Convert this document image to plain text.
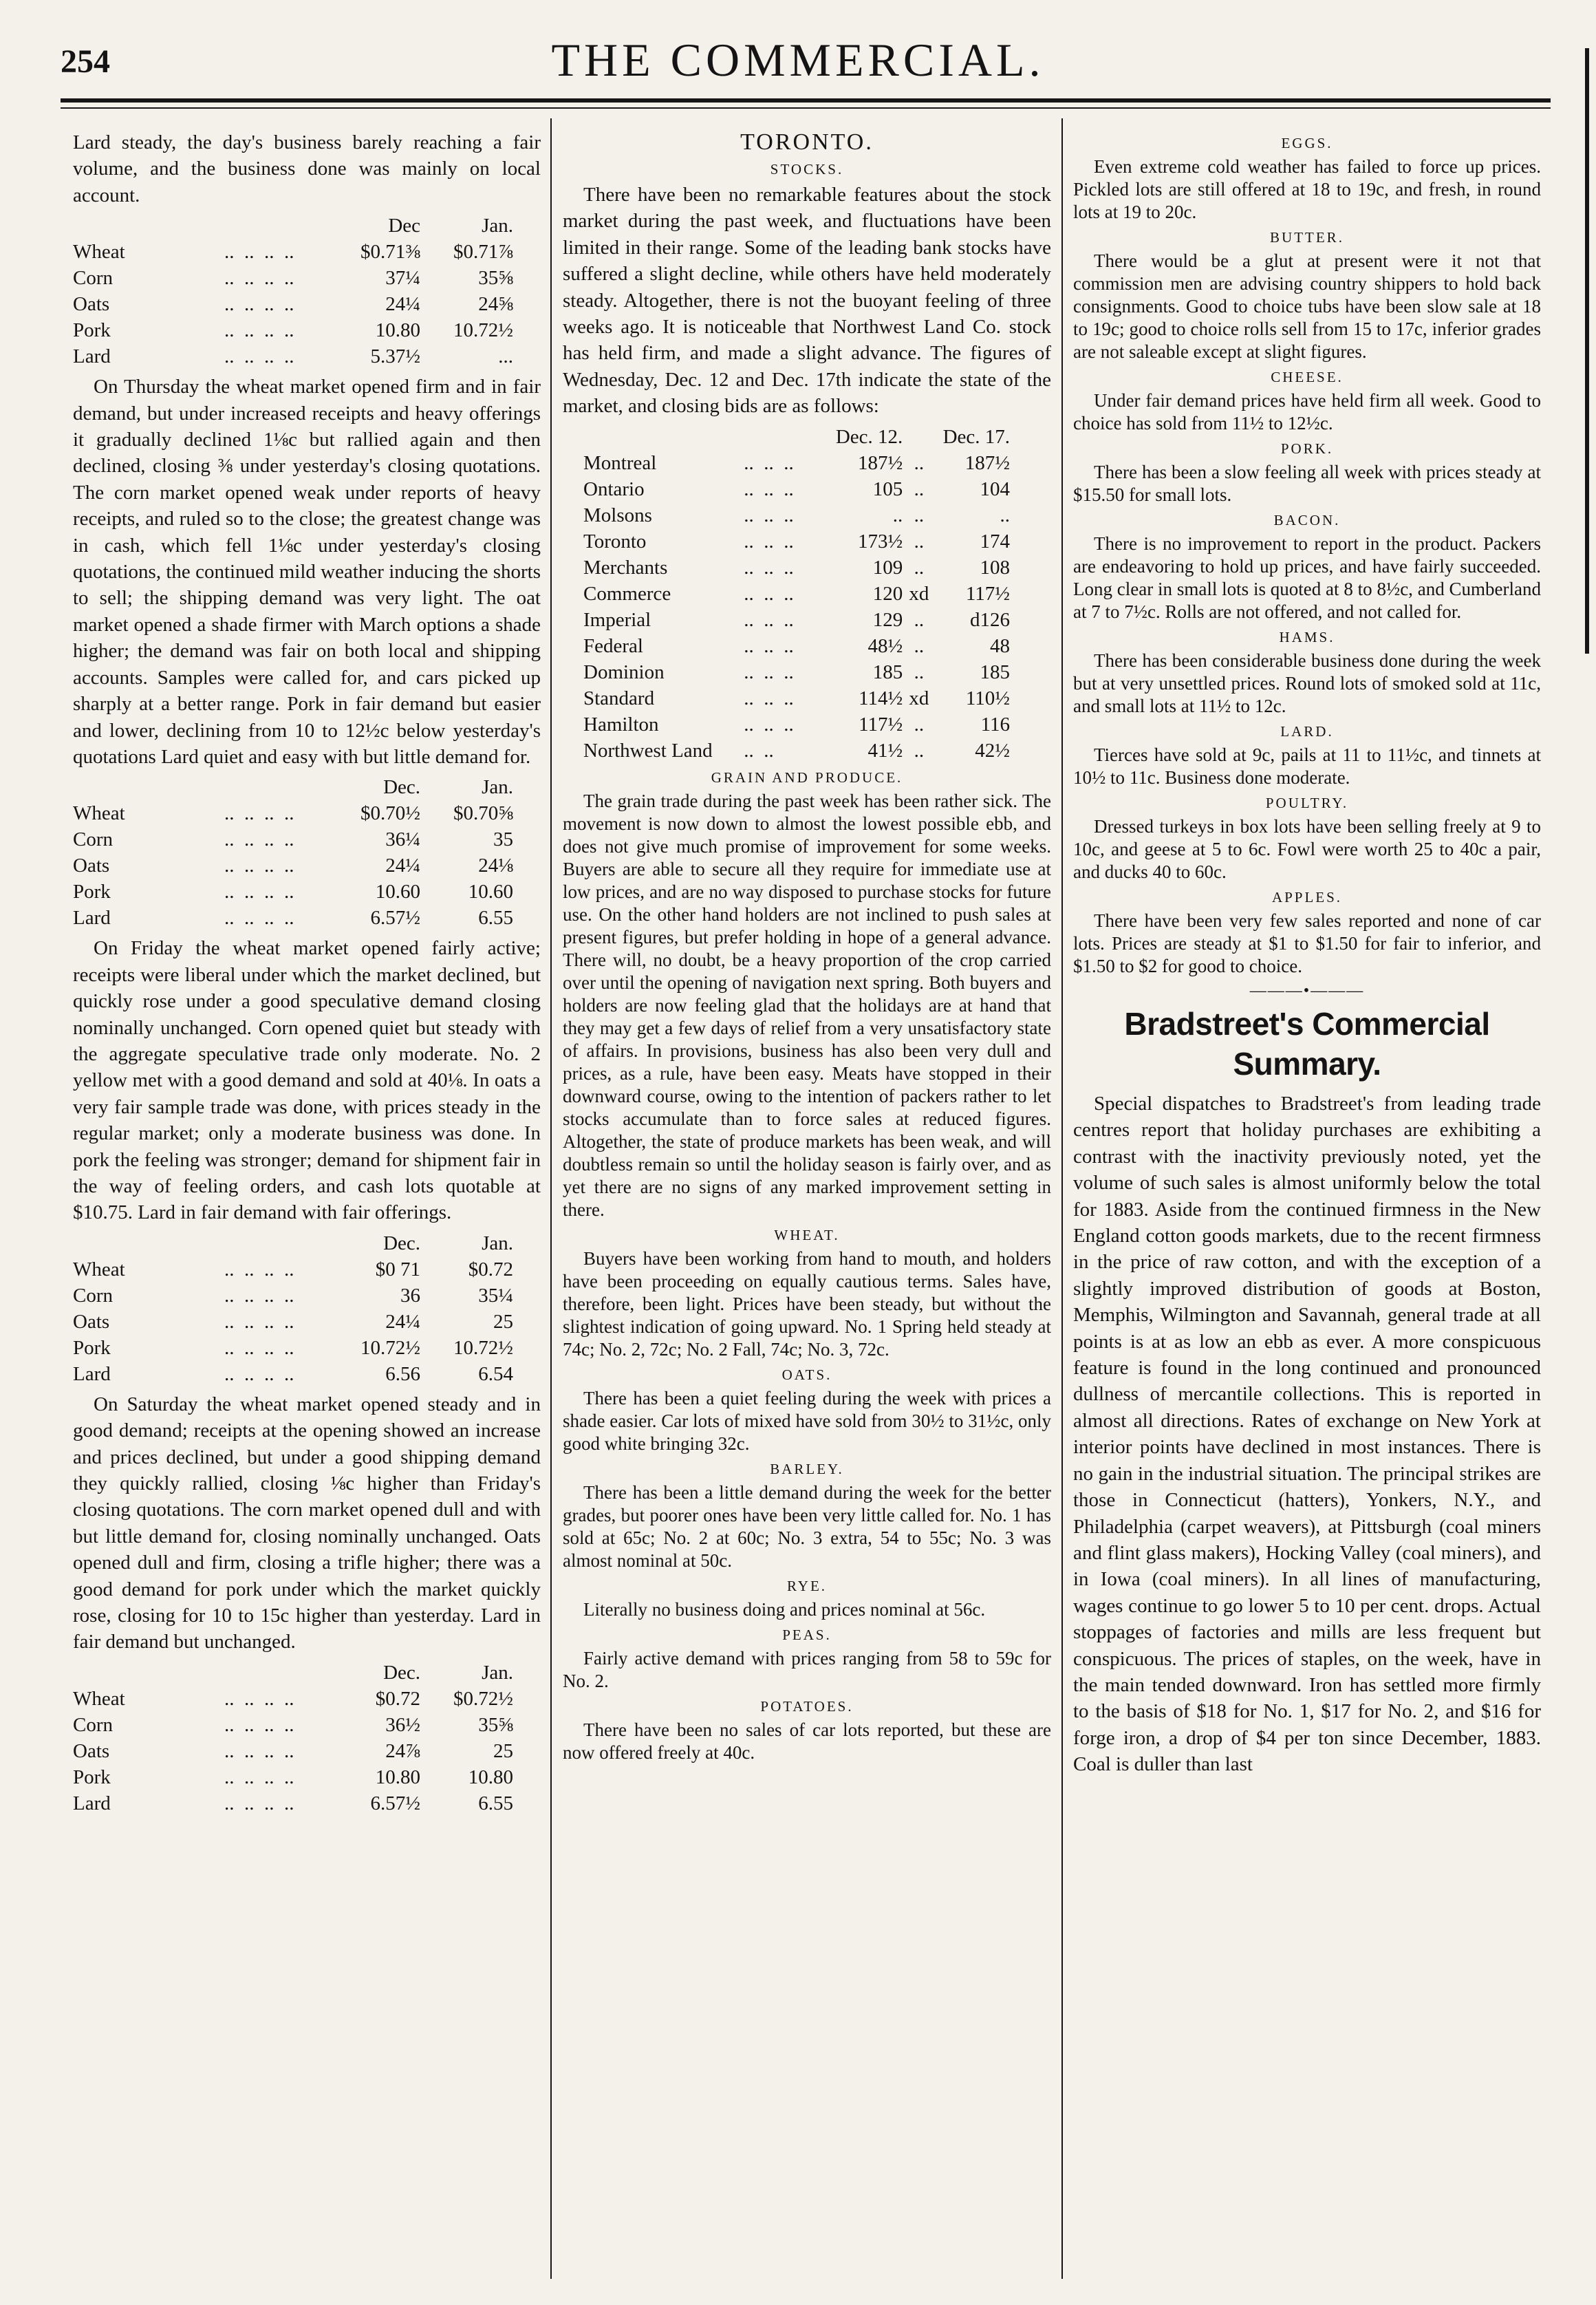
254	THE COMMERCIAL.

Lard steady, the day's business barely reaching a fair volume, and the business done was mainly on local account.

		Dec	Jan.
Wheat	..  ..  ..  ..	$0.71⅜	$0.71⅞
Corn	..  ..  ..  ..	37¼	35⅝
Oats	..  ..  ..  ..	24¼	24⅝
Pork	..  ..  ..  ..	10.80	10.72½
Lard	..  ..  ..  ..	5.37½	...

On Thursday the wheat market opened firm and in fair demand, but under increased receipts and heavy offerings it gradually declined 1⅛c but rallied again and then declined, closing ⅜ under yesterday's closing quotations. The corn market opened weak under reports of heavy receipts, and ruled so to the close; the greatest change was in cash, which fell 1⅛c under yesterday's closing quotations, the continued mild weather inducing the shorts to sell; the shipping demand was very light. The oat market opened a shade firmer with March options a shade higher; the demand was fair on both local and shipping accounts. Samples were called for, and cars picked up sharply at a better range. Pork in fair demand but easier and lower, declining from 10 to 12½c below yesterday's quotations Lard quiet and easy with but little demand for.

		Dec.	Jan.
Wheat	..  ..  ..  ..	$0.70½	$0.70⅝
Corn	..  ..  ..  ..	36¼	35
Oats	..  ..  ..  ..	24¼	24⅛
Pork	..  ..  ..  ..	10.60	10.60
Lard	..  ..  ..  ..	6.57½	6.55

On Friday the wheat market opened fairly active; receipts were liberal under which the market declined, but quickly rose under a good speculative demand closing nominally unchanged. Corn opened quiet but steady with the aggregate speculative trade only moderate. No. 2 yellow met with a good demand and sold at 40⅛. In oats a very fair sample trade was done, with prices steady in the regular market; only a moderate business was done. In pork the feeling was stronger; demand for shipment fair in the way of feeling orders, and cash lots quotable at $10.75. Lard in fair demand with fair offerings.

		Dec.	Jan.
Wheat	..  ..  ..  ..	$0 71	$0.72
Corn	..  ..  ..  ..	36	35¼
Oats	..  ..  ..  ..	24¼	25
Pork	..  ..  ..  ..	10.72½	10.72½
Lard	..  ..  ..  ..	6.56	6.54

On Saturday the wheat market opened steady and in good demand; receipts at the opening showed an increase and prices declined, but under a good shipping demand they quickly rallied, closing ⅛c higher than Friday's closing quotations. The corn market opened dull and with but little demand for, closing nominally unchanged. Oats opened dull and firm, closing a trifle higher; there was a good demand for pork under which the market quickly rose, closing for 10 to 15c higher than yesterday. Lard in fair demand but unchanged.

		Dec.	Jan.
Wheat	..  ..  ..  ..	$0.72	$0.72½
Corn	..  ..  ..  ..	36½	35⅝
Oats	..  ..  ..  ..	24⅞	25
Pork	..  ..  ..  ..	10.80	10.80
Lard	..  ..  ..  ..	6.57½	6.55
TORONTO.
STOCKS.

There have been no remarkable features about the stock market during the past week, and fluctuations have been limited in their range. Some of the leading bank stocks have suffered a slight decline, while others have held moderately steady. Altogether, there is not the buoyant feeling of three weeks ago. It is noticeable that Northwest Land Co. stock has held firm, and made a slight advance. The figures of Wednesday, Dec. 12 and Dec. 17th indicate the state of the market, and closing bids are as follows:

		Dec. 12.		Dec. 17.
Montreal	..  ..  ..	187½	..	187½
Ontario	..  ..  ..	105	..	104
Molsons	..  ..  ..	..	..	..
Toronto	..  ..  ..	173½	..	174
Merchants	..  ..  ..	109	..	108
Commerce	..  ..  ..	120	xd	117½
Imperial	..  ..  ..	129	..	d126
Federal	..  ..  ..	48½	..	48
Dominion	..  ..  ..	185	..	185
Standard	..  ..  ..	114½	xd	110½
Hamilton	..  ..  ..	117½	..	116
Northwest Land	..  ..	41½	..	42½
GRAIN AND PRODUCE.

The grain trade during the past week has been rather sick. The movement is now down to almost the lowest possible ebb, and does not give much promise of improvement for some weeks. Buyers are able to secure all they require for immediate use at low prices, and are no way disposed to purchase stocks for future use. On the other hand holders are not inclined to push sales at present figures, but prefer holding in hope of a general advance. There will, no doubt, be a heavy proportion of the crop carried over until the opening of navigation next spring. Both buyers and holders are now feeling glad that the holidays are at hand that they may get a few days of relief from a very unsatisfactory state of affairs. In provisions, business has also been very dull and prices, as a rule, have been easy. Meats have stopped in their downward course, owing to the intention of packers rather to let stocks accumulate than to force sales at reduced figures. Altogether, the state of produce markets has been weak, and will doubtless remain so until the holiday season is fairly over, and as yet there are no signs of any marked improvement setting in there.

WHEAT.

Buyers have been working from hand to mouth, and holders have been proceeding on equally cautious terms. Sales have, therefore, been light. Prices have been steady, but without the slightest indication of going upward. No. 1 Spring held steady at 74c; No. 2, 72c; No. 2 Fall, 74c; No. 3, 72c.

OATS.

There has been a quiet feeling during the week with prices a shade easier. Car lots of mixed have sold from 30½ to 31½c, only good white bringing 32c.

BARLEY.

There has been a little demand during the week for the better grades, but poorer ones have been very little called for. No. 1 has sold at 65c; No. 2 at 60c; No. 3 extra, 54 to 55c; No. 3 was almost nominal at 50c.

RYE.

Literally no business doing and prices nominal at 56c.

PEAS.

Fairly active demand with prices ranging from 58 to 59c for No. 2.

POTATOES.

There have been no sales of car lots reported, but these are now offered freely at 40c.

EGGS.

Even extreme cold weather has failed to force up prices. Pickled lots are still offered at 18 to 19c, and fresh, in round lots at 19 to 20c.

BUTTER.

There would be a glut at present were it not that commission men are advising country shippers to hold back consignments. Good to choice tubs have been slow sale at 18 to 19c; good to choice rolls sell from 15 to 17c, inferior grades are not saleable except at slight figures.

CHEESE.

Under fair demand prices have held firm all week. Good to choice has sold from 11½ to 12½c.

PORK.

There has been a slow feeling all week with prices steady at $15.50 for small lots.

BACON.

There is no improvement to report in the product. Packers are endeavoring to hold up prices, and have fairly succeeded. Long clear in small lots is quoted at 8 to 8½c, and Cumberland at 7 to 7½c. Rolls are not offered, and not called for.

HAMS.

There has been considerable business done during the week but at very unsettled prices. Round lots of smoked sold at 11c, and small lots at 11½ to 12c.

LARD.

Tierces have sold at 9c, pails at 11 to 11½c, and tinnets at 10½ to 11c. Business done moderate.

POULTRY.

Dressed turkeys in box lots have been selling freely at 9 to 10c, and geese at 5 to 6c. Fowl were worth 25 to 40c a pair, and ducks 40 to 60c.

APPLES.

There have been very few sales reported and none of car lots. Prices are steady at $1 to $1.50 for fair to inferior, and $1.50 to $2 for good to choice.

———•———
Bradstreet's Commercial Summary.

Special dispatches to Bradstreet's from leading trade centres report that holiday purchases are exhibiting a contrast with the inactivity previously noted, yet the volume of such sales is almost uniformly below the total for 1883. Aside from the continued firmness in the New England cotton goods markets, due to the recent firmness in the price of raw cotton, and with the exception of a slightly improved distribution of goods at Boston, Memphis, Wilmington and Savannah, general trade at all points is at as low an ebb as ever. A more conspicuous feature is found in the long continued and pronounced dullness of mercantile collections. This is reported in almost all directions. Rates of exchange on New York at interior points have declined in most instances. There is no gain in the industrial situation. The principal strikes are those in Connecticut (hatters), Yonkers, N.Y., and Philadelphia (carpet weavers), at Pittsburgh (coal miners and flint glass makers), Hocking Valley (coal miners), and in Iowa (coal miners). In all lines of manufacturing, wages continue to go lower 5 to 10 per cent. drops. Actual stoppages of factories and mills are less frequent but conspicuous. The prices of staples, on the week, have in the main tended downward. Iron has settled more firmly to the basis of $18 for No. 1, $17 for No. 2, and $16 for forge iron, a drop of $4 per ton since December, 1883. Coal is duller than last
